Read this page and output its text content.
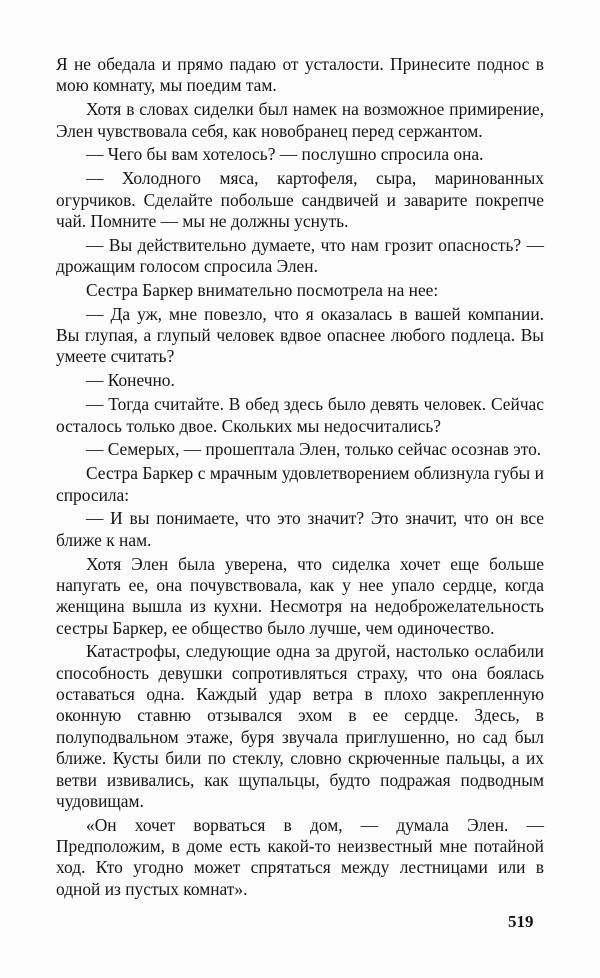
Я не обедала и прямо падаю от усталости. Принесите поднос в мою комнату, мы поедим там.

Хотя в словах сиделки был намек на возможное примирение, Элен чувствовала себя, как новобранец перед сержантом.

— Чего бы вам хотелось? — послушно спросила она.

— Холодного мяса, картофеля, сыра, маринованных огурчиков. Сделайте побольше сандвичей и заварите покрепче чай. Помните — мы не должны уснуть.

— Вы действительно думаете, что нам грозит опасность? — дрожащим голосом спросила Элен.

Сестра Баркер внимательно посмотрела на нее:

— Да уж, мне повезло, что я оказалась в вашей компании. Вы глупая, а глупый человек вдвое опаснее любого подлеца. Вы умеете считать?

— Конечно.

— Тогда считайте. В обед здесь было девять человек. Сейчас осталось только двое. Скольких мы недосчитались?

— Семерых, — прошептала Элен, только сейчас осознав это.

Сестра Баркер с мрачным удовлетворением облизнула губы и спросила:

— И вы понимаете, что это значит? Это значит, что он все ближе к нам.

Хотя Элен была уверена, что сиделка хочет еще больше напугать ее, она почувствовала, как у нее упало сердце, когда женщина вышла из кухни. Несмотря на недоброжелательность сестры Баркер, ее общество было лучше, чем одиночество.

Катастрофы, следующие одна за другой, настолько ослабили способность девушки сопротивляться страху, что она боялась оставаться одна. Каждый удар ветра в плохо закрепленную оконную ставню отзывался эхом в ее сердце. Здесь, в полуподвальном этаже, буря звучала приглушенно, но сад был ближе. Кусты били по стеклу, словно скрюченные пальцы, а их ветви извивались, как щупальцы, будто подражая подводным чудовищам.

«Он хочет ворваться в дом, — думала Элен. — Предположим, в доме есть какой-то неизвестный мне потайной ход. Кто угодно может спрятаться между лестницами или в одной из пустых комнат».

519
